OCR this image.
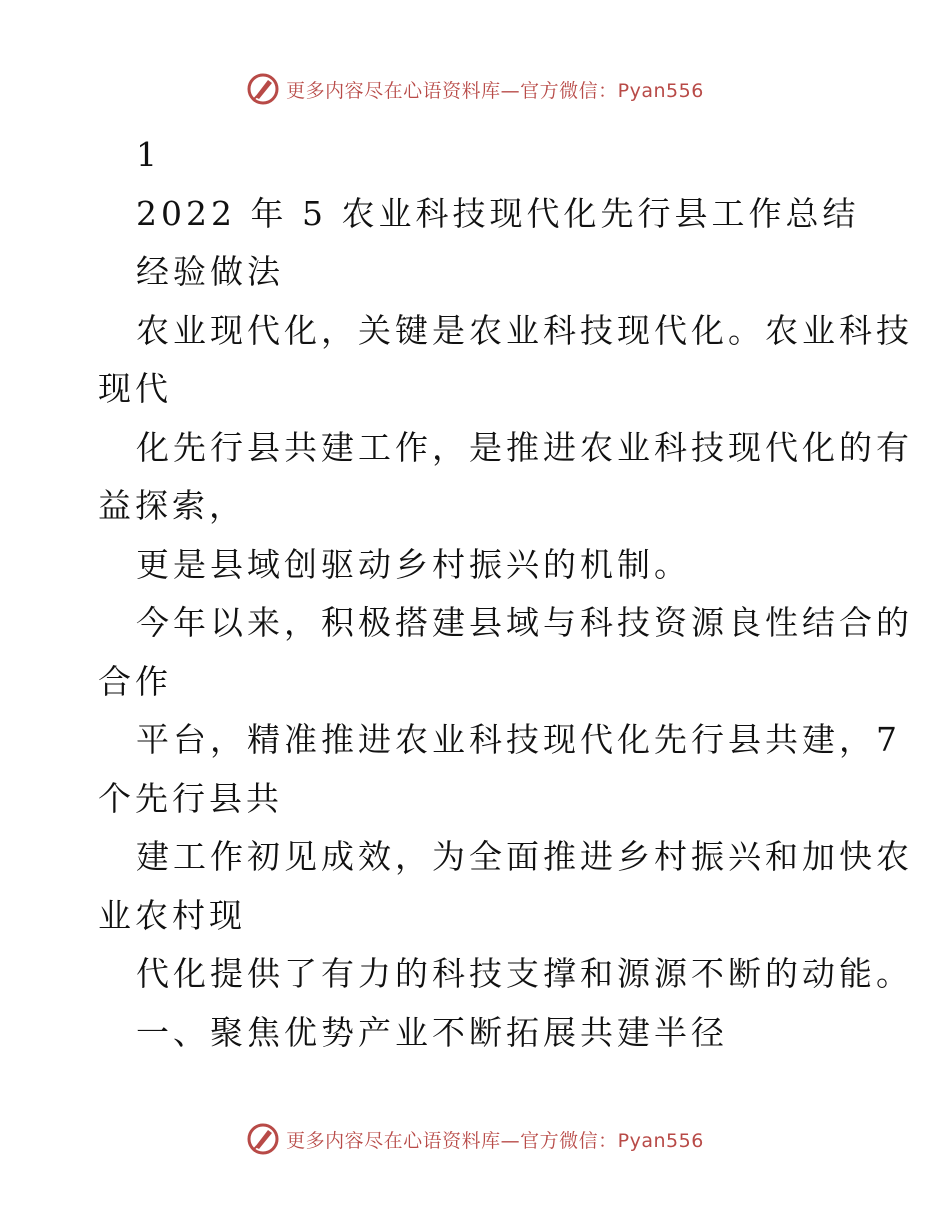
更多内容尽在心语资料库—官方微信：Pyan556
1
2022 年 5 农业科技现代化先行县工作总结
经验做法
农业现代化，关键是农业科技现代化。农业科技
现代
化先行县共建工作，是推进农业科技现代化的有
益探索，
更是县域创驱动乡村振兴的机制。
今年以来，积极搭建县域与科技资源良性结合的
合作
平台，精准推进农业科技现代化先行县共建，7
个先行县共
建工作初见成效，为全面推进乡村振兴和加快农
业农村现
代化提供了有力的科技支撑和源源不断的动能。
一、聚焦优势产业不断拓展共建半径
更多内容尽在心语资料库—官方微信：Pyan556
